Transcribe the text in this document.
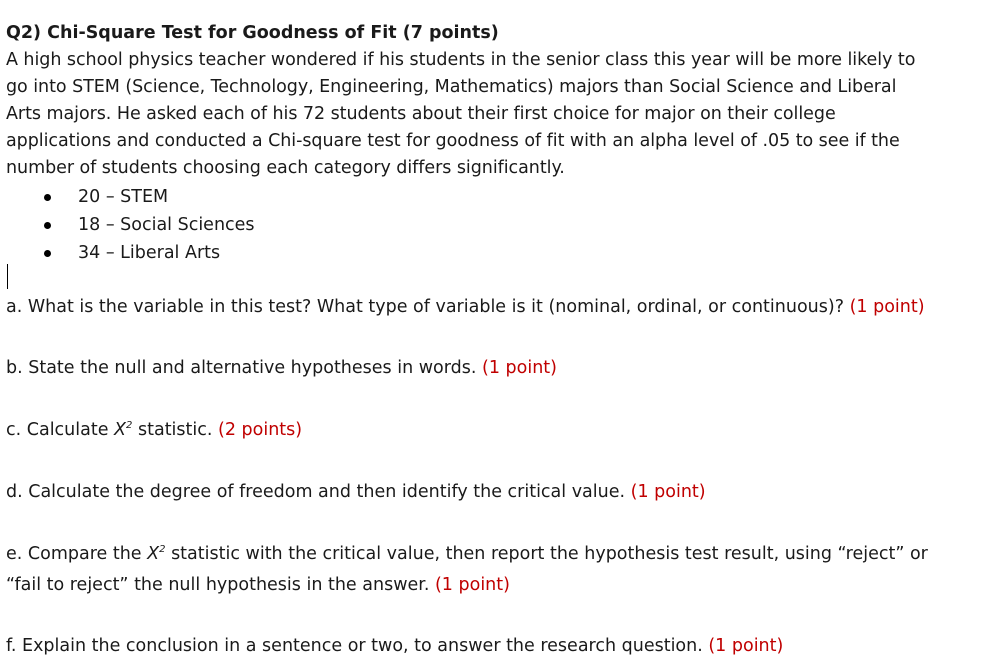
Q2) Chi-Square Test for Goodness of Fit (7 points)

A high school physics teacher wondered if his students in the senior class this year will be more likely to go into STEM (Science, Technology, Engineering, Mathematics) majors than Social Science and Liberal Arts majors. He asked each of his 72 students about their first choice for major on their college applications and conducted a Chi-square test for goodness of fit with an alpha level of .05 to see if the number of students choosing each category differs significantly.

20 – STEM
18 – Social Sciences
34 – Liberal Arts

a. What is the variable in this test? What type of variable is it (nominal, ordinal, or continuous)? (1 point)

b. State the null and alternative hypotheses in words. (1 point)

c. Calculate $X^2$ statistic. (2 points)

d. Calculate the degree of freedom and then identify the critical value. (1 point)

e. Compare the $X^2$ statistic with the critical value, then report the hypothesis test result, using “reject” or “fail to reject” the null hypothesis in the answer. (1 point)

f. Explain the conclusion in a sentence or two, to answer the research question. (1 point)
